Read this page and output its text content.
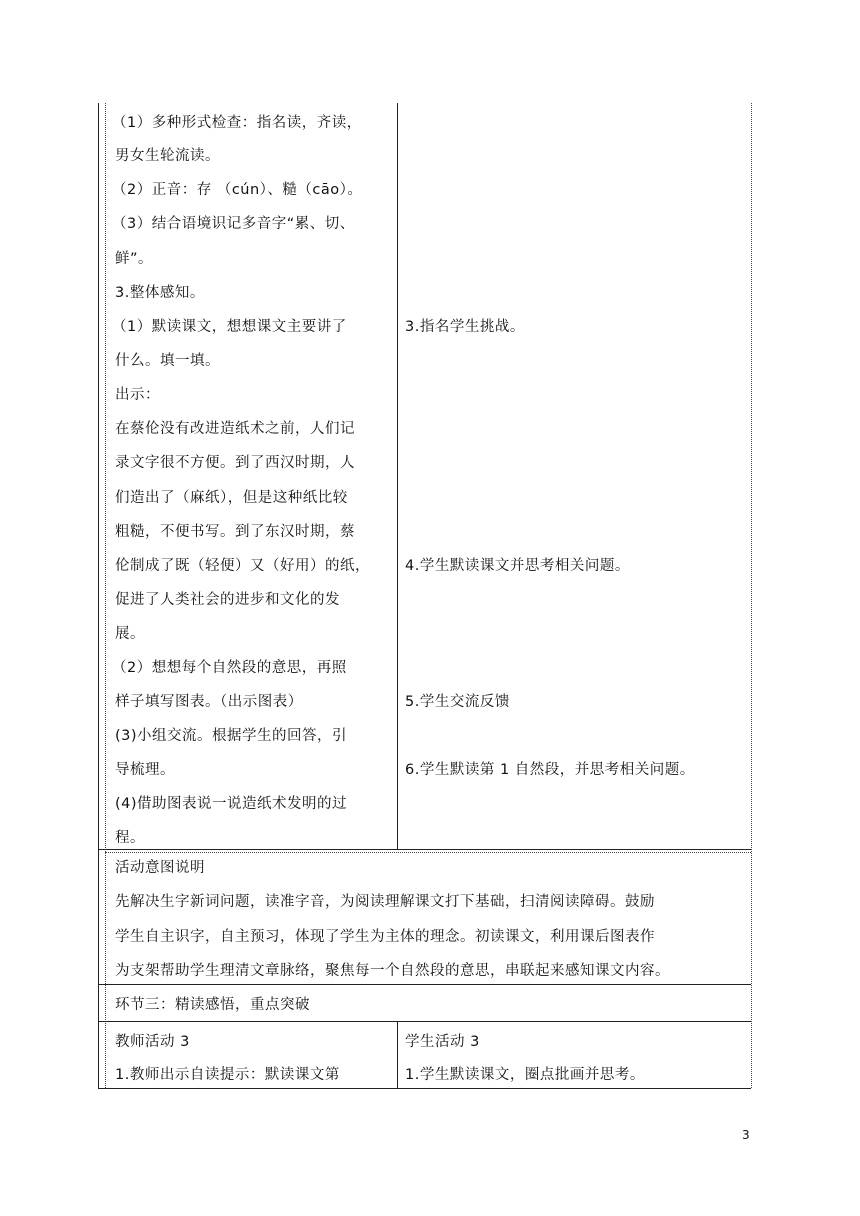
（1）多种形式检查：指名读，齐读，
男女生轮流读。
（2）正音：存 （cún）、糙（cāo）。
（3）结合语境识记多音字“累、切、
鲜”。
3.整体感知。
（1）默读课文，想想课文主要讲了
什么。填一填。
出示：
在蔡伦没有改进造纸术之前，人们记
录文字很不方便。到了西汉时期，人
们造出了（麻纸），但是这种纸比较
粗糙，不便书写。到了东汉时期，蔡
伦制成了既（轻便）又（好用）的纸，
促进了人类社会的进步和文化的发
展。
（2）想想每个自然段的意思，再照
样子填写图表。（出示图表）
(3)小组交流。根据学生的回答，引
导梳理。
(4)借助图表说一说造纸术发明的过
程。
3.指名学生挑战。
4.学生默读课文并思考相关问题。
5.学生交流反馈
6.学生默读第 1 自然段，并思考相关问题。
活动意图说明
先解决生字新词问题，读准字音，为阅读理解课文打下基础，扫清阅读障碍。鼓励
学生自主识字，自主预习，体现了学生为主体的理念。初读课文，利用课后图表作
为支架帮助学生理清文章脉络，聚焦每一个自然段的意思，串联起来感知课文内容。
环节三：精读感悟，重点突破
教师活动 3
1.教师出示自读提示：默读课文第
学生活动 3
1.学生默读课文，圈点批画并思考。
3
